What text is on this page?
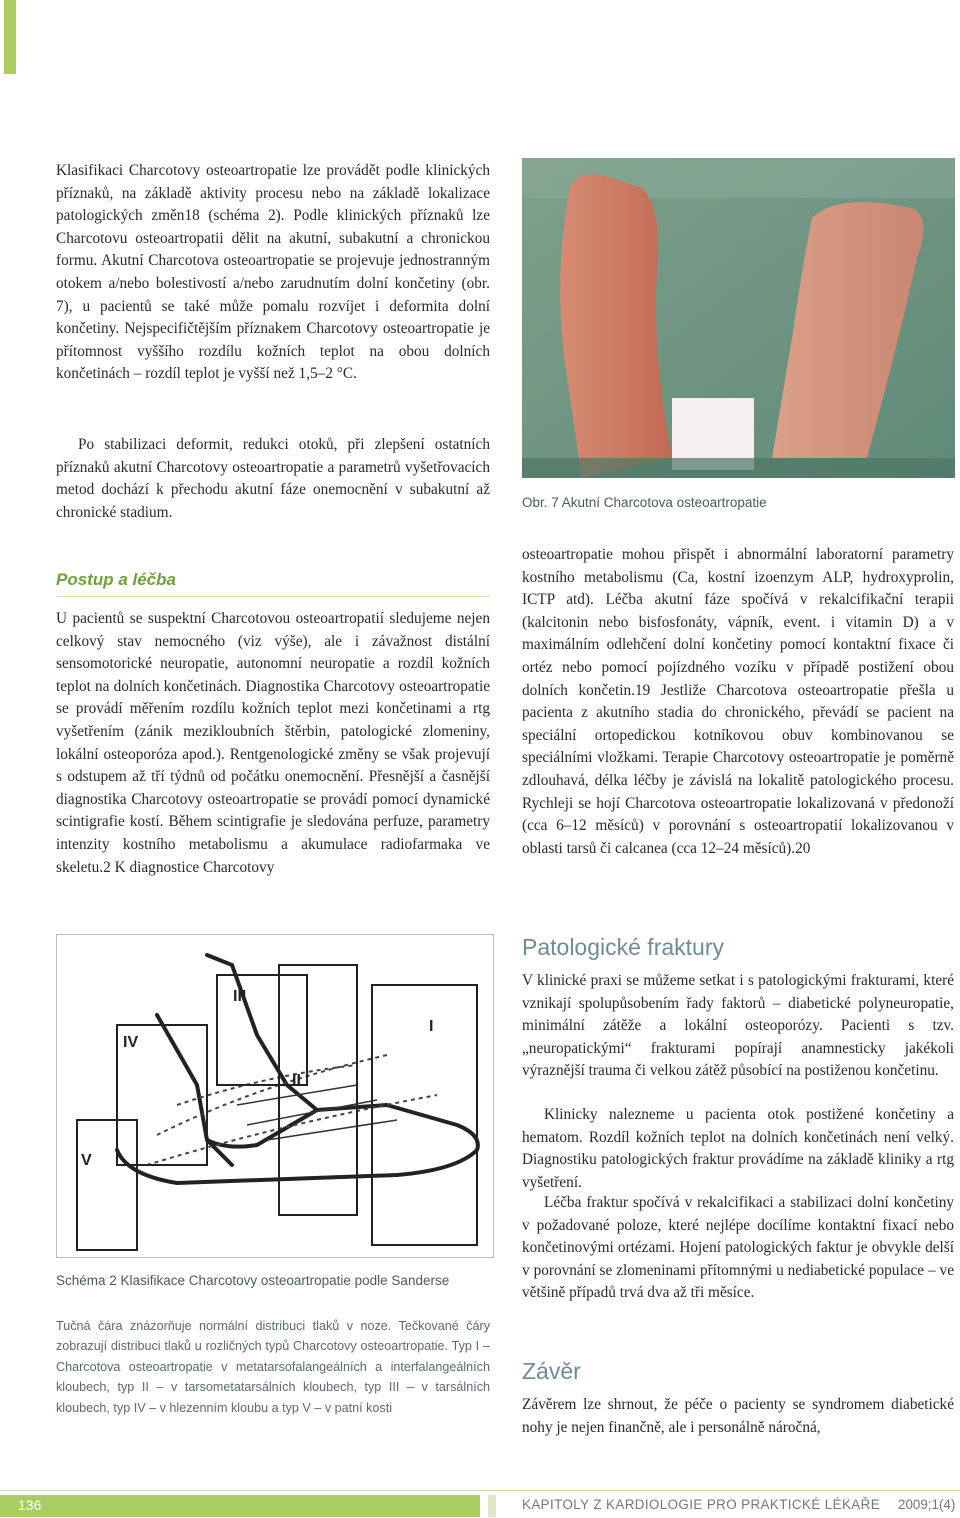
Klasifikaci Charcotovy osteoartropatie lze provádět podle klinických příznaků, na základě aktivity procesu nebo na základě lokalizace patologických změn18 (schéma 2). Podle klinických příznaků lze Charcotovu osteoartropatii dělit na akutní, subakutní a chronickou formu. Akutní Charcotova osteoartropatie se projevuje jednostranným otokem a/nebo bolestivostí a/nebo zarudnutím dolní končetiny (obr. 7), u pacientů se také může pomalu rozvíjet i deformita dolní končetiny. Nejspecifičtějším příznakem Charcotovy osteoartropatie je přítomnost vyššího rozdílu kožních teplot na obou dolních končetinách – rozdíl teplot je vyšší než 1,5–2 °C.

Po stabilizaci deformit, redukci otoků, při zlepšení ostatních příznaků akutní Charcotovy osteoartropatie a parametrů vyšetřovacích metod dochází k přechodu akutní fáze onemocnění v subakutní až chronické stadium.

Postup a léčba

U pacientů se suspektní Charcotovou osteoartropatií sledujeme nejen celkový stav nemocného (viz výše), ale i závažnost distální sensomotorické neuropatie, autonomní neuropatie a rozdíl kožních teplot na dolních končetinách. Diagnostika Charcotovy osteoartropatie se provádí měřením rozdílu kožních teplot mezi končetinami a rtg vyšetřením (zánik mezikloubních štěrbin, patologické zlomeniny, lokální osteoporóza apod.). Rentgenologické změny se však projevují s odstupem až tří týdnů od počátku onemocnění. Přesnější a časnější diagnostika Charcotovy osteoartropatie se provádí pomocí dynamické scintigrafie kostí. Během scintigrafie je sledována perfuze, parametry intenzity kostního metabolismu a akumulace radiofarmaka ve skeletu.2 K diagnostice Charcotovy

IV
III
II
I
V
Schéma 2 Klasifikace Charcotovy osteoartropatie podle Sanderse
Tučná čára znázorňuje normální distribuci tlaků v noze. Tečkované čáry zobrazují distribuci tlaků u rozličných typů Charcotovy osteoartropatie. Typ I – Charcotova osteoartropatie v metatarsofalangeálních a interfalangeálních kloubech, typ II – v tarsometatarsálních kloubech, typ III – v tarsálních kloubech, typ IV – v hlezenním kloubu a typ V – v patní kosti
Obr. 7 Akutní Charcotova osteoartropatie

osteoartropatie mohou přispět i abnormální laboratorní parametry kostního metabolismu (Ca, kostní izoenzym ALP, hydroxyprolin, ICTP atd). Léčba akutní fáze spočívá v rekalcifikační terapii (kalcitonin nebo bisfosfonáty, vápník, event. i vitamin D) a v maximálním odlehčení dolní končetiny pomocí kontaktní fixace či ortéz nebo pomocí pojízdného vozíku v případě postižení obou dolních končetin.19 Jestliže Charcotova osteoartropatie přešla u pacienta z akutního stadia do chronického, převádí se pacient na speciální ortopedickou kotníkovou obuv kombinovanou se speciálními vložkami. Terapie Charcotovy osteoartropatie je poměrně zdlouhavá, délka léčby je závislá na lokalitě patologického procesu. Rychleji se hojí Charcotova osteoartropatie lokalizovaná v předonoží (cca 6–12 měsíců) v porovnání s osteoartropatií lokalizovanou v oblasti tarsů či calcanea (cca 12–24 měsíců).20

Patologické fraktury

V klinické praxi se můžeme setkat i s patologickými frakturami, které vznikají spolupůsobením řady faktorů – diabetické polyneuropatie, minimální zátěže a lokální osteoporózy. Pacienti s tzv. „neuropatickými“ frakturami popírají anamnesticky jakékoli výraznější trauma či velkou zátěž působící na postiženou končetinu.

Klinicky nalezneme u pacienta otok postižené končetiny a hematom. Rozdíl kožních teplot na dolních končetinách není velký. Diagnostiku patologických fraktur provádíme na základě kliniky a rtg vyšetření.

Léčba fraktur spočívá v rekalcifikaci a stabilizaci dolní končetiny v požadované poloze, které nejlépe docílíme kontaktní fixací nebo končetinovými ortézami. Hojení patologických faktur je obvykle delší v porovnání se zlomeninami přítomnými u nediabetické populace – ve většině případů trvá dva až tři měsíce.

Závěr

Závěrem lze shrnout, že péče o pacienty se syndromem diabetické nohy je nejen finančně, ale i personálně náročná,

136	KAPITOLY Z KARDIOLOGIE PRO PRAKTICKÉ LÉKAŘE 2009;1(4)
